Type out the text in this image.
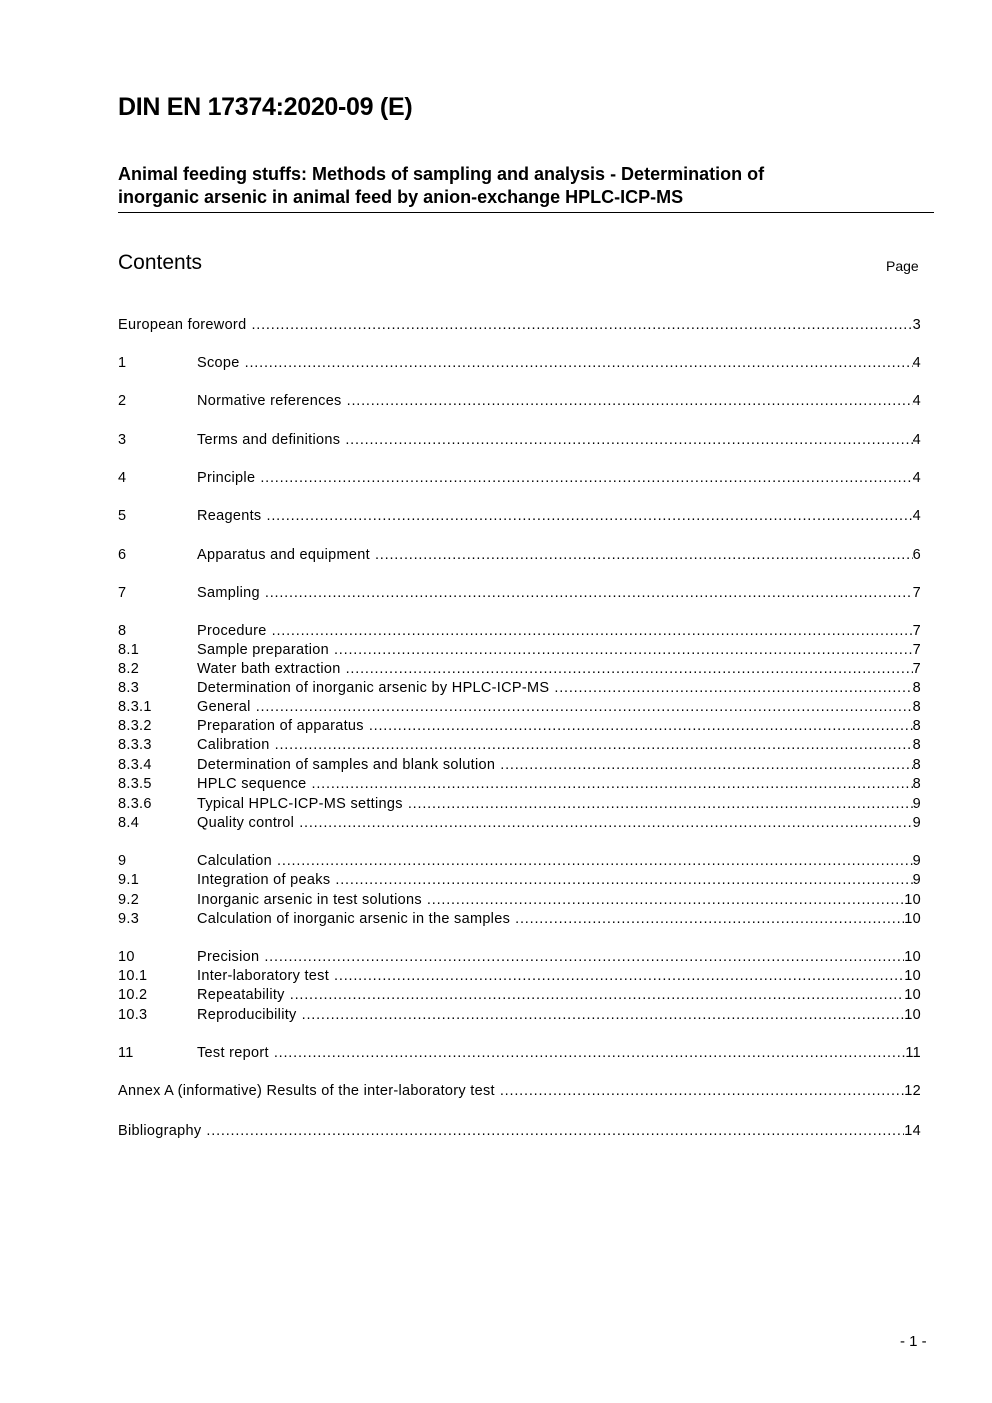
DIN EN 17374:2020-09 (E)
Animal feeding stuffs: Methods of sampling and analysis - Determination of
inorganic arsenic in animal feed by anion-exchange HPLC-ICP-MS
Contents	Page
European foreword .....	3
1	Scope .....	4
2	Normative references .....	4
3	Terms and definitions .....	4
4	Principle .....	4
5	Reagents .....	4
6	Apparatus and equipment .....	6
7	Sampling .....	7
8	Procedure .....	7
8.1	Sample preparation .....	7
8.2	Water bath extraction .....	7
8.3	Determination of inorganic arsenic by HPLC-ICP-MS .....	8
8.3.1	General .....	8
8.3.2	Preparation of apparatus .....	8
8.3.3	Calibration .....	8
8.3.4	Determination of samples and blank solution .....	8
8.3.5	HPLC sequence .....	8
8.3.6	Typical HPLC-ICP-MS settings .....	9
8.4	Quality control .....	9
9	Calculation .....	9
9.1	Integration of peaks .....	9
9.2	Inorganic arsenic in test solutions .....	10
9.3	Calculation of inorganic arsenic in the samples .....	10
10	Precision .....	10
10.1	Inter-laboratory test .....	10
10.2	Repeatability .....	10
10.3	Reproducibility .....	10
11	Test report .....	11
Annex A (informative) Results of the inter-laboratory test .....	12
Bibliography .....	14
- 1 -
